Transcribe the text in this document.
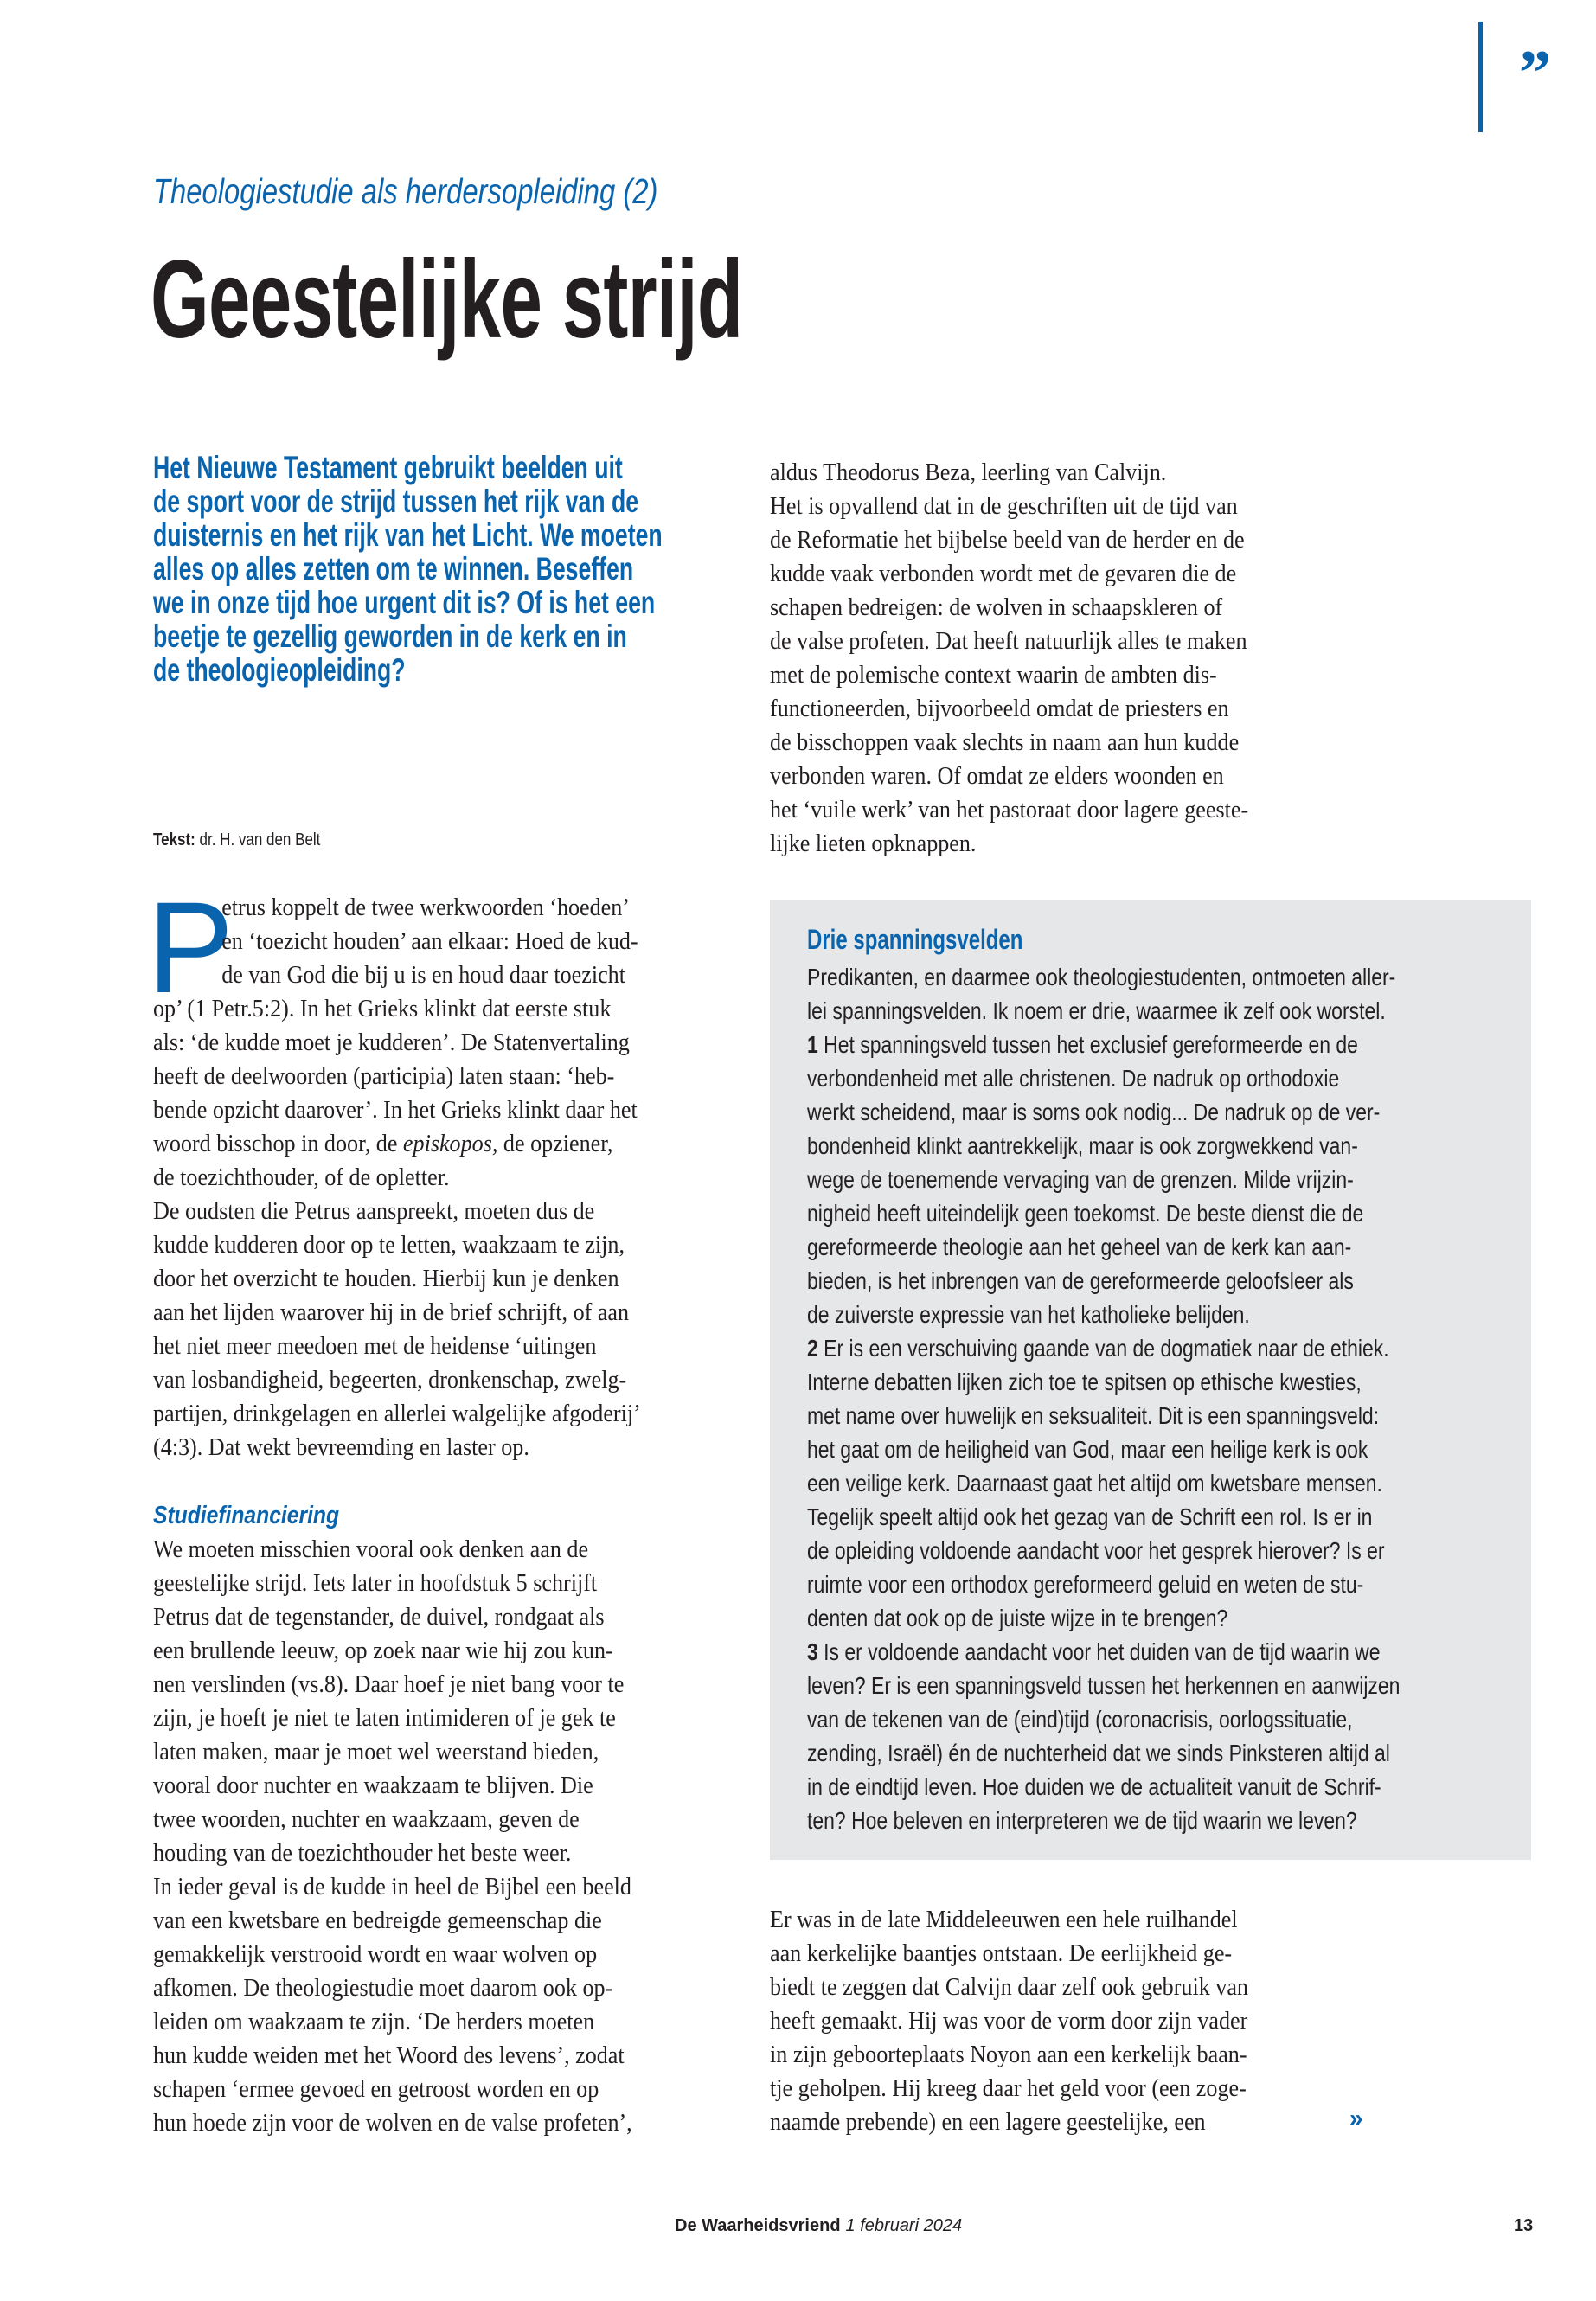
”
Theologiestudie als herdersopleiding (2)
Geestelijke strijd
Het Nieuwe Testament gebruikt beelden uit
de sport voor de strijd tussen het rijk van de
duisternis en het rijk van het Licht. We moeten
alles op alles zetten om te winnen. Beseffen
we in onze tijd hoe urgent dit is? Of is het een
beetje te gezellig geworden in de kerk en in
de theologieopleiding?
Tekst: dr. H. van den Belt
P
etrus koppelt de twee werkwoorden ‘hoeden’
en ‘toezicht houden’ aan elkaar: Hoed de kud-
de van God die bij u is en houd daar toezicht
op’ (1 Petr.5:2). In het Grieks klinkt dat eerste stuk
als: ‘de kudde moet je kudderen’. De Statenvertaling
heeft de deelwoorden (participia) laten staan: ‘heb-
bende opzicht daarover’. In het Grieks klinkt daar het
woord bisschop in door, de episkopos, de opziener,
de toezichthouder, of de opletter.
De oudsten die Petrus aanspreekt, moeten dus de
kudde kudderen door op te letten, waakzaam te zijn,
door het overzicht te houden. Hierbij kun je denken
aan het lijden waarover hij in de brief schrijft, of aan
het niet meer meedoen met de heidense ‘uitingen
van losbandigheid, begeerten, dronkenschap, zwelg-
partijen, drinkgelagen en allerlei walgelijke afgoderij’
(4:3). Dat wekt bevreemding en laster op.
Studiefinanciering
We moeten misschien vooral ook denken aan de
geestelijke strijd. Iets later in hoofdstuk 5 schrijft
Petrus dat de tegenstander, de duivel, rondgaat als
een brullende leeuw, op zoek naar wie hij zou kun-
nen verslinden (vs.8). Daar hoef je niet bang voor te
zijn, je hoeft je niet te laten intimideren of je gek te
laten maken, maar je moet wel weerstand bieden,
vooral door nuchter en waakzaam te blijven. Die
twee woorden, nuchter en waakzaam, geven de
houding van de toezichthouder het beste weer.
In ieder geval is de kudde in heel de Bijbel een beeld
van een kwetsbare en bedreigde gemeenschap die
gemakkelijk verstrooid wordt en waar wolven op
afkomen. De theologiestudie moet daarom ook op-
leiden om waakzaam te zijn. ‘De herders moeten
hun kudde weiden met het Woord des levens’, zodat
schapen ‘ermee gevoed en getroost worden en op
hun hoede zijn voor de wolven en de valse profeten’,
aldus Theodorus Beza, leerling van Calvijn.
Het is opvallend dat in de geschriften uit de tijd van
de Reformatie het bijbelse beeld van de herder en de
kudde vaak verbonden wordt met de gevaren die de
schapen bedreigen: de wolven in schaapskleren of
de valse profeten. Dat heeft natuurlijk alles te maken
met de polemische context waarin de ambten dis-
functioneerden, bijvoorbeeld omdat de priesters en
de bisschoppen vaak slechts in naam aan hun kudde
verbonden waren. Of omdat ze elders woonden en
het ‘vuile werk’ van het pastoraat door lagere geeste-
lijke lieten opknappen.
Drie spanningsvelden
Predikanten, en daarmee ook theologiestudenten, ontmoeten aller-
lei spanningsvelden. Ik noem er drie, waarmee ik zelf ook worstel.
1 Het spanningsveld tussen het exclusief gereformeerde en de
verbondenheid met alle christenen. De nadruk op orthodoxie
werkt scheidend, maar is soms ook nodig... De nadruk op de ver-
bondenheid klinkt aantrekkelijk, maar is ook zorgwekkend van-
wege de toenemende vervaging van de grenzen. Milde vrijzin-
nigheid heeft uiteindelijk geen toekomst. De beste dienst die de
gereformeerde theologie aan het geheel van de kerk kan aan-
bieden, is het inbrengen van de gereformeerde geloofsleer als
de zuiverste expressie van het katholieke belijden.
2 Er is een verschuiving gaande van de dogmatiek naar de ethiek.
Interne debatten lijken zich toe te spitsen op ethische kwesties,
met name over huwelijk en seksualiteit. Dit is een spanningsveld:
het gaat om de heiligheid van God, maar een heilige kerk is ook
een veilige kerk. Daarnaast gaat het altijd om kwetsbare mensen.
Tegelijk speelt altijd ook het gezag van de Schrift een rol. Is er in
de opleiding voldoende aandacht voor het gesprek hierover? Is er
ruimte voor een orthodox gereformeerd geluid en weten de stu-
denten dat ook op de juiste wijze in te brengen?
3 Is er voldoende aandacht voor het duiden van de tijd waarin we
leven? Er is een spanningsveld tussen het herkennen en aanwijzen
van de tekenen van de (eind)tijd (coronacrisis, oorlogssituatie,
zending, Israël) én de nuchterheid dat we sinds Pinksteren altijd al
in de eindtijd leven. Hoe duiden we de actualiteit vanuit de Schrif-
ten? Hoe beleven en interpreteren we de tijd waarin we leven?
Er was in de late Middeleeuwen een hele ruilhandel
aan kerkelijke baantjes ontstaan. De eerlijkheid ge-
biedt te zeggen dat Calvijn daar zelf ook gebruik van
heeft gemaakt. Hij was voor de vorm door zijn vader
in zijn geboorteplaats Noyon aan een kerkelijk baan-
tje geholpen. Hij kreeg daar het geld voor (een zoge-
naamde prebende) en een lagere geestelijke, een	»
De Waarheidsvriend 1 februari 2024	13
